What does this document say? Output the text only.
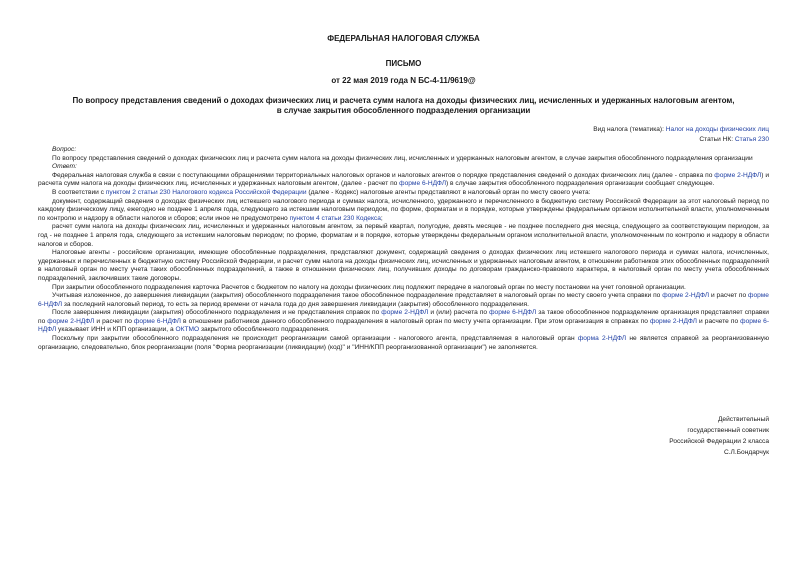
ФЕДЕРАЛЬНАЯ НАЛОГОВАЯ СЛУЖБА
ПИСЬМО
от 22 мая 2019 года N БС-4-11/9619@
По вопросу представления сведений о доходах физических лиц и расчета сумм налога на доходы физических лиц, исчисленных и удержанных налоговым агентом, в случае закрытия обособленного подразделения организации
Вид налога (тематика): Налог на доходы физических лиц
Статьи НК: Статья 230

Вопрос:

По вопросу представления сведений о доходах физических лиц и расчета сумм налога на доходы физических лиц, исчисленных и удержанных налоговым агентом, в случае закрытия обособленного подразделения организации

Ответ:

Федеральная налоговая служба в связи с поступающими обращениями территориальных налоговых органов и налоговых агентов о порядке представления сведений о доходах физических лиц (далее - справка по форме 2-НДФЛ) и расчета сумм налога на доходы физических лиц, исчисленных и удержанных налоговым агентом, (далее - расчет по форме 6-НДФЛ) в случае закрытия обособленного подразделения организации сообщает следующее.

В соответствии с пунктом 2 статьи 230 Налогового кодекса Российской Федерации (далее - Кодекс) налоговые агенты представляют в налоговый орган по месту своего учета:

документ, содержащий сведения о доходах физических лиц истекшего налогового периода и суммах налога, исчисленного, удержанного и перечисленного в бюджетную систему Российской Федерации за этот налоговый период по каждому физическому лицу, ежегодно не позднее 1 апреля года, следующего за истекшим налоговым периодом, по форме, форматам и в порядке, которые утверждены федеральным органом исполнительной власти, уполномоченным по контролю и надзору в области налогов и сборов; если иное не предусмотрено пунктом 4 статьи 230 Кодекса;

расчет сумм налога на доходы физических лиц, исчисленных и удержанных налоговым агентом, за первый квартал, полугодие, девять месяцев - не позднее последнего дня месяца, следующего за соответствующим периодом, за год - не позднее 1 апреля года, следующего за истекшим налоговым периодом; по форме, форматам и в порядке, которые утверждены федеральным органом исполнительной власти, уполномоченным по контролю и надзору в области налогов и сборов.

Налоговые агенты - российские организации, имеющие обособленные подразделения, представляют документ, содержащий сведения о доходах физических лиц истекшего налогового периода и суммах налога, исчисленных, удержанных и перечисленных в бюджетную систему Российской Федерации, и расчет сумм налога на доходы физических лиц, исчисленных и удержанных налоговым агентом, в отношении работников этих обособленных подразделений в налоговый орган по месту учета таких обособленных подразделений, а также в отношении физических лиц, получивших доходы по договорам гражданско-правового характера, в налоговый орган по месту учета обособленных подразделений, заключивших такие договоры.

При закрытии обособленного подразделения карточка Расчетов с бюджетом по налогу на доходы физических лиц подлежит передаче в налоговый орган по месту постановки на учет головной организации.

Учитывая изложенное, до завершения ликвидации (закрытия) обособленного подразделения такое обособленное подразделение представляет в налоговый орган по месту своего учета справки по форме 2-НДФЛ и расчет по форме 6-НДФЛ за последний налоговый период, то есть за период времени от начала года до дня завершения ликвидации (закрытия) обособленного подразделения.

После завершения ликвидации (закрытия) обособленного подразделения и не представления справок по форме 2-НДФЛ и (или) расчета по форме 6-НДФЛ за такое обособленное подразделение организация представляет справки по форме 2-НДФЛ и расчет по форме 6-НДФЛ в отношении работников данного обособленного подразделения в налоговый орган по месту учета организации. При этом организация в справках по форме 2-НДФЛ и расчете по форме 6-НДФЛ указывает ИНН и КПП организации, а ОКТМО закрытого обособленного подразделения.

Поскольку при закрытии обособленного подразделения не происходит реорганизации самой организации - налогового агента, представляемая в налоговый орган форма 2-НДФЛ не является справкой за реорганизованную организацию, следовательно, блок реорганизации (поля "Форма реорганизации (ликвидации) (код)" и "ИНН/КПП реорганизованной организации") не заполняется.

Действительный
государственный советник
Российской Федерации 2 класса
С.Л.Бондарчук
